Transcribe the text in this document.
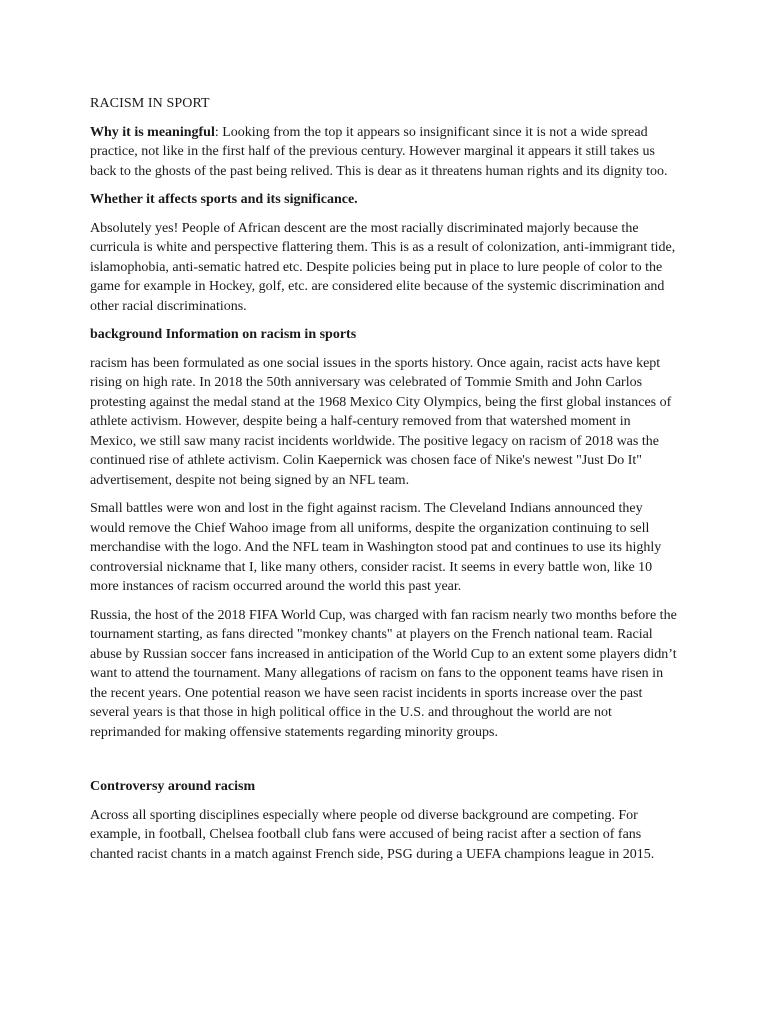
RACISM IN SPORT

Why it is meaningful: Looking from the top it appears so insignificant since it is not a wide spread practice, not like in the first half of the previous century. However marginal it appears it still takes us back to the ghosts of the past being relived. This is dear as it threatens human rights and its dignity too.

Whether it affects sports and its significance.

Absolutely yes! People of African descent are the most racially discriminated majorly because the curricula is white and perspective flattering them. This is as a result of colonization, anti-immigrant tide, islamophobia, anti-sematic hatred etc. Despite policies being put in place to lure people of color to the game for example in Hockey, golf, etc. are considered elite because of the systemic discrimination and other racial discriminations.

background Information on racism in sports

racism has been formulated as one social issues in the sports history. Once again, racist acts have kept rising on high rate. In 2018 the 50th anniversary was celebrated of Tommie Smith and John Carlos protesting against the medal stand at the 1968 Mexico City Olympics, being the first global instances of athlete activism. However, despite being a half-century removed from that watershed moment in Mexico, we still saw many racist incidents worldwide. The positive legacy on racism of 2018 was the continued rise of athlete activism. Colin Kaepernick was chosen face of Nike's newest "Just Do It" advertisement, despite not being signed by an NFL team.

Small battles were won and lost in the fight against racism. The Cleveland Indians announced they would remove the Chief Wahoo image from all uniforms, despite the organization continuing to sell merchandise with the logo. And the NFL team in Washington stood pat and continues to use its highly controversial nickname that I, like many others, consider racist. It seems in every battle won, like 10 more instances of racism occurred around the world this past year.

Russia, the host of the 2018 FIFA World Cup, was charged with fan racism nearly two months before the tournament starting, as fans directed "monkey chants" at players on the French national team. Racial abuse by Russian soccer fans increased in anticipation of the World Cup to an extent some players didn’t want to attend the tournament. Many allegations of racism on fans to the opponent teams have risen in the recent years. One potential reason we have seen racist incidents in sports increase over the past several years is that those in high political office in the U.S. and throughout the world are not reprimanded for making offensive statements regarding minority groups.

Controversy around racism

Across all sporting disciplines especially where people od diverse background are competing. For example, in football, Chelsea football club fans were accused of being racist after a section of fans chanted racist chants in a match against French side, PSG during a UEFA champions league in 2015.
